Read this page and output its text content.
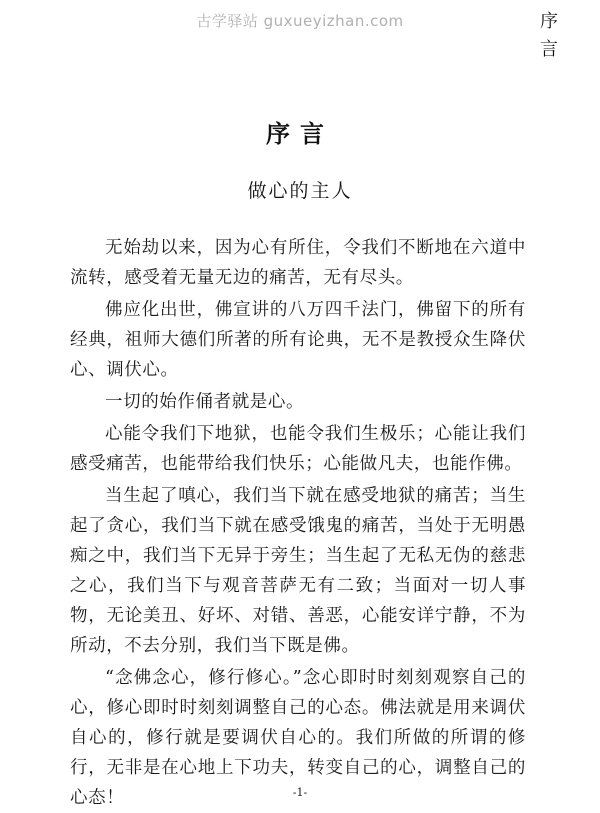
古学驿站 guxueyizhan.com	序
言
序言
做心的主人

无始劫以来，因为心有所住，令我们不断地在六道中流转，感受着无量无边的痛苦，无有尽头。

佛应化出世，佛宣讲的八万四千法门，佛留下的所有经典，祖师大德们所著的所有论典，无不是教授众生降伏心、调伏心。

一切的始作俑者就是心。

心能令我们下地狱，也能令我们生极乐；心能让我们感受痛苦，也能带给我们快乐；心能做凡夫，也能作佛。

当生起了嗔心，我们当下就在感受地狱的痛苦；当生起了贪心，我们当下就在感受饿鬼的痛苦，当处于无明愚痴之中，我们当下无异于旁生；当生起了无私无伪的慈悲之心，我们当下与观音菩萨无有二致；当面对一切人事物，无论美丑、好坏、对错、善恶，心能安详宁静，不为所动，不去分别，我们当下既是佛。

“念佛念心，修行修心。”念心即时时刻刻观察自己的心，修心即时时刻刻调整自己的心态。佛法就是用来调伏自心的，修行就是要调伏自心的。我们所做的所谓的修行，无非是在心地上下功夫，转变自己的心，调整自己的心态！	-1-
